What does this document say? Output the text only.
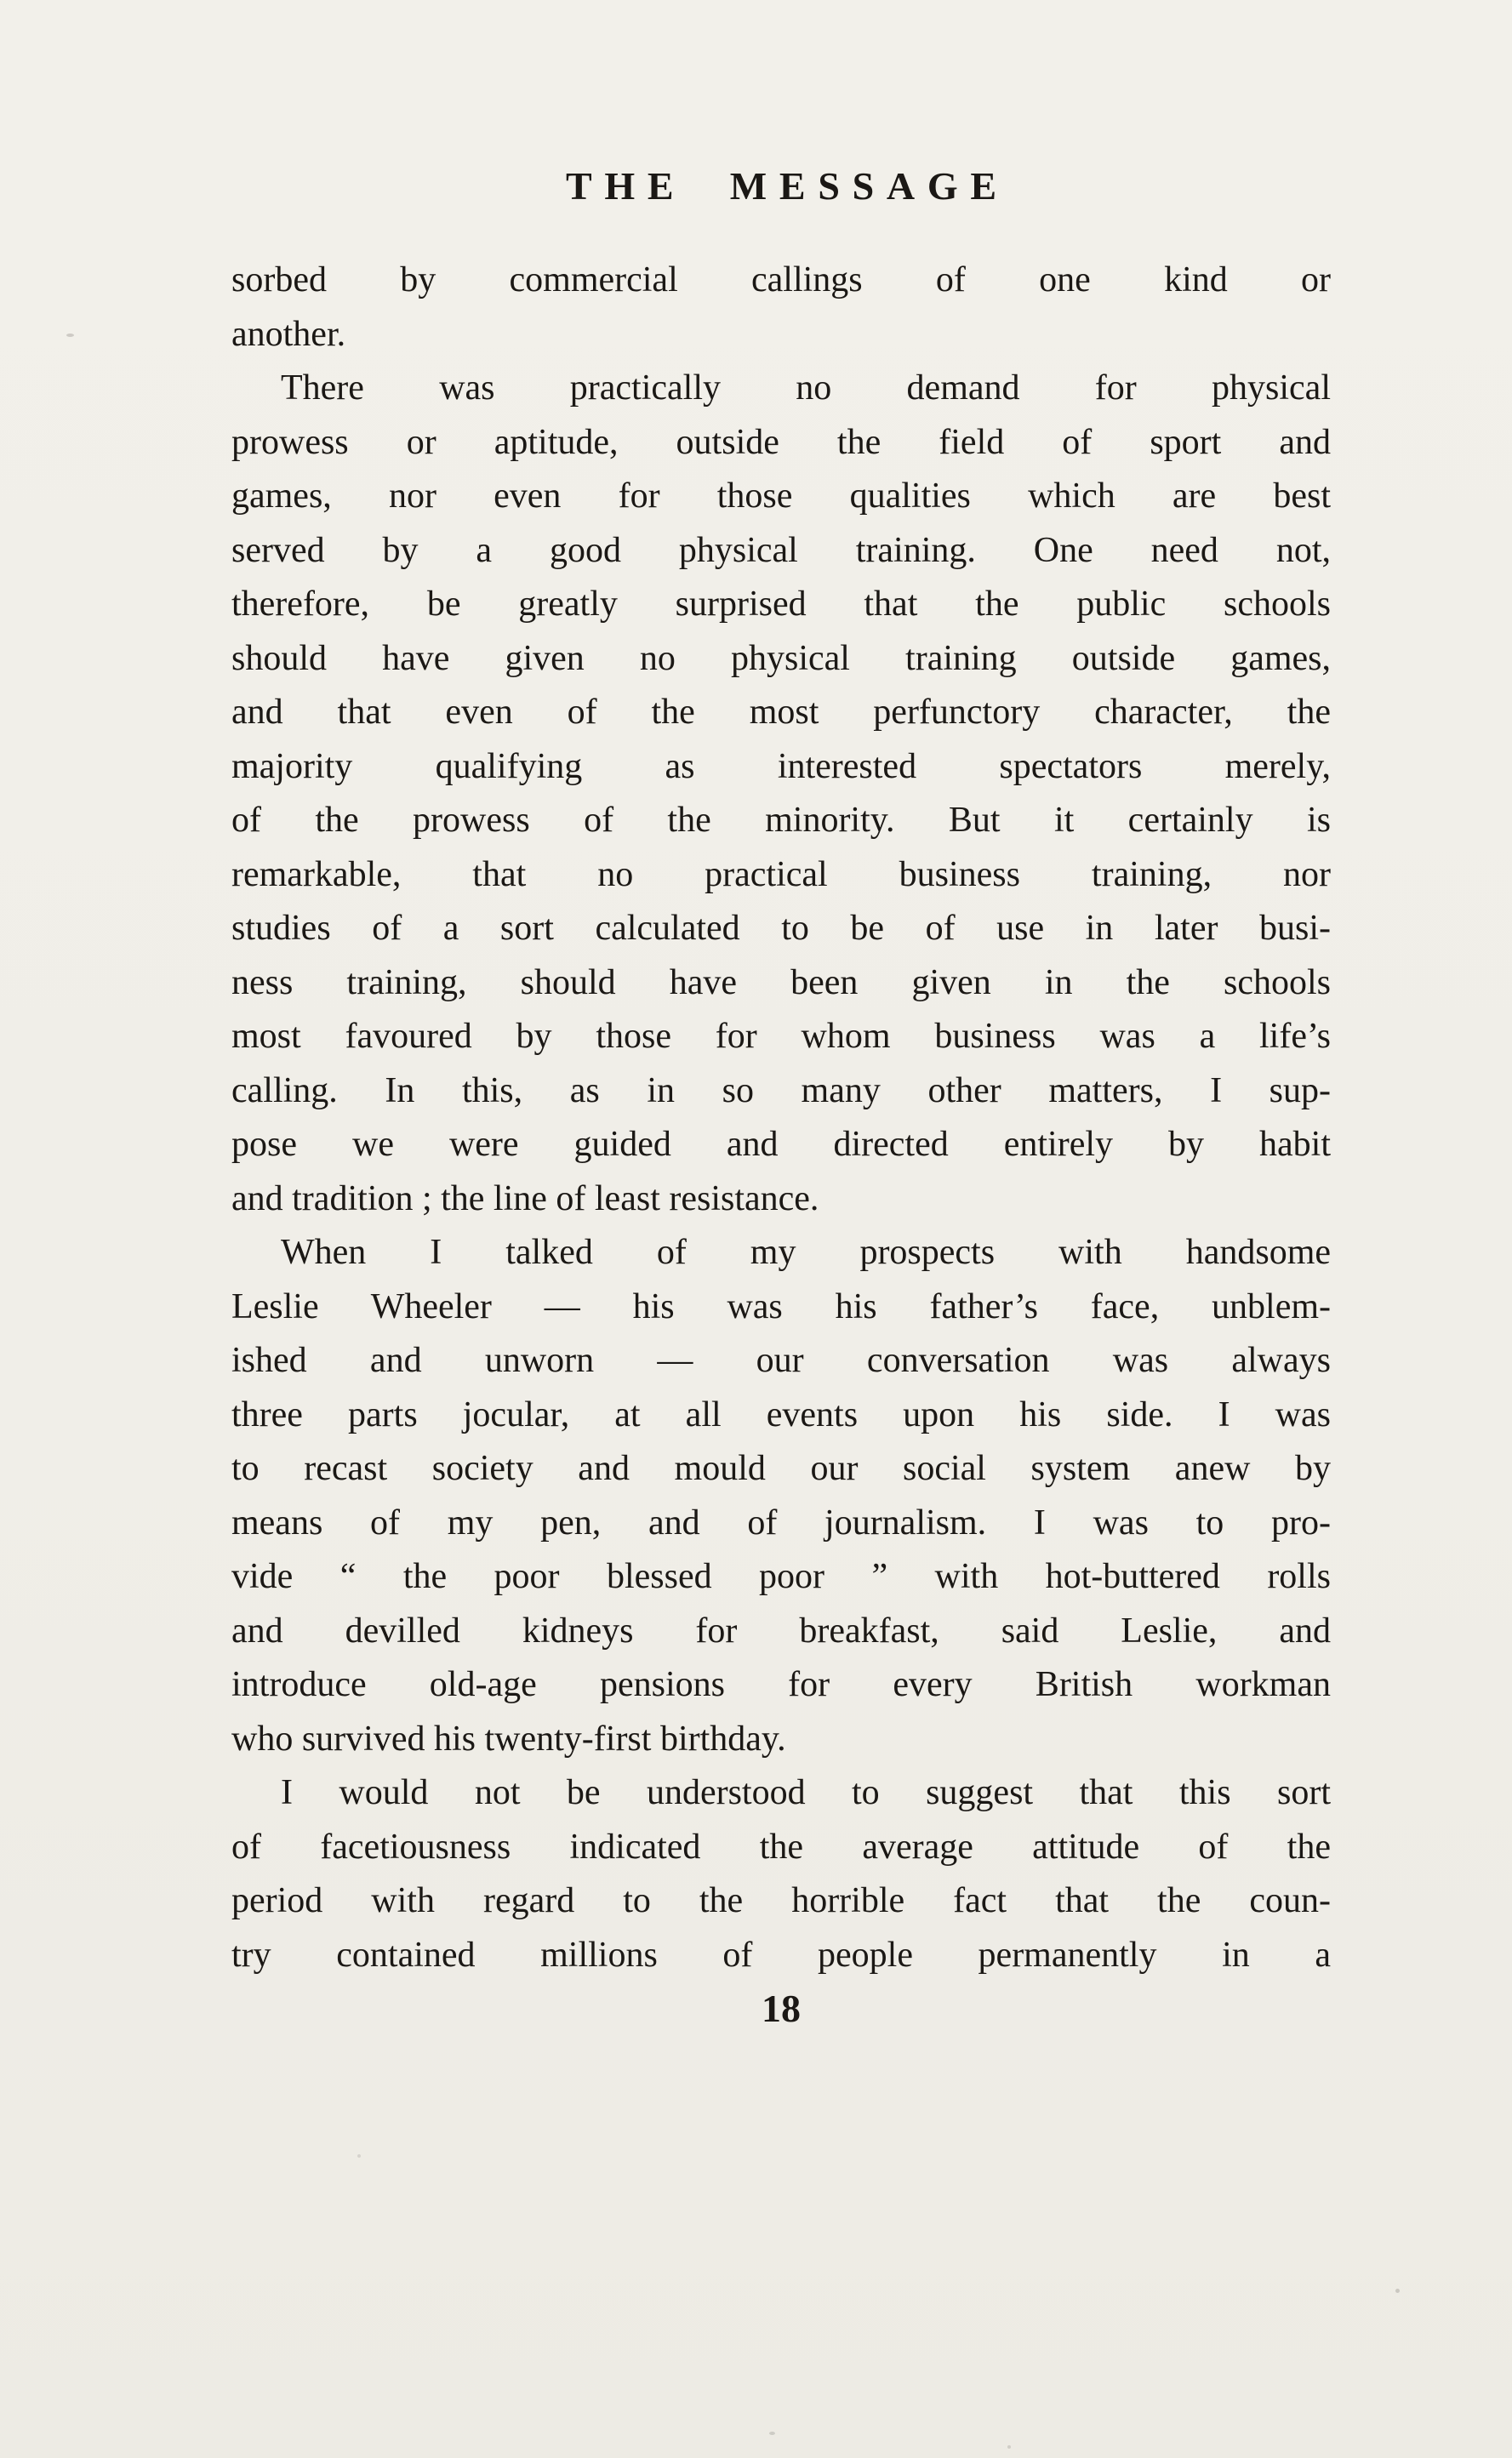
THE MESSAGE

sorbed by commercial callings of one kind or
another.

There was practically no demand for physical
prowess or aptitude, outside the field of sport and
games, nor even for those qualities which are best
served by a good physical training. One need not,
therefore, be greatly surprised that the public schools
should have given no physical training outside games,
and that even of the most perfunctory character, the
majority qualifying as interested spectators merely,
of the prowess of the minority. But it certainly is
remarkable, that no practical business training, nor
studies of a sort calculated to be of use in later busi-
ness training, should have been given in the schools
most favoured by those for whom business was a life’s
calling. In this, as in so many other matters, I sup-
pose we were guided and directed entirely by habit
and tradition ; the line of least resistance.

When I talked of my prospects with handsome
Leslie Wheeler — his was his father’s face, unblem-
ished and unworn — our conversation was always
three parts jocular, at all events upon his side. I was
to recast society and mould our social system anew by
means of my pen, and of journalism. I was to pro-
vide “ the poor blessed poor ” with hot-buttered rolls
and devilled kidneys for breakfast, said Leslie, and
introduce old-age pensions for every British workman
who survived his twenty-first birthday.

I would not be understood to suggest that this sort
of facetiousness indicated the average attitude of the
period with regard to the horrible fact that the coun-
try contained millions of people permanently in a

18
